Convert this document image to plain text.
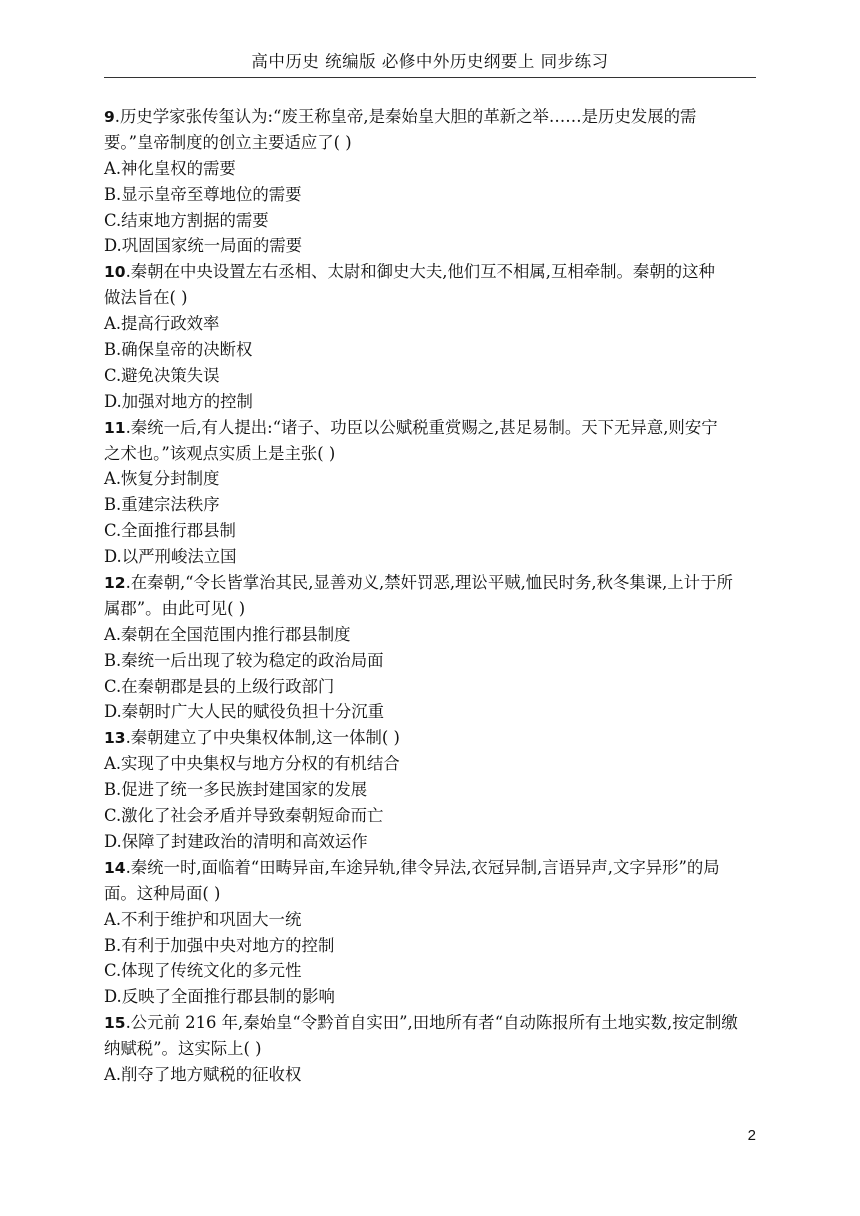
高中历史 统编版 必修中外历史纲要上 同步练习
9.历史学家张传玺认为:“废王称皇帝,是秦始皇大胆的革新之举……是历史发展的需
要。”皇帝制度的创立主要适应了( )
A.神化皇权的需要
B.显示皇帝至尊地位的需要
C.结束地方割据的需要
D.巩固国家统一局面的需要
10.秦朝在中央设置左右丞相、太尉和御史大夫,他们互不相属,互相牵制。秦朝的这种
做法旨在( )
A.提高行政效率
B.确保皇帝的决断权
C.避免决策失误
D.加强对地方的控制
11.秦统一后,有人提出:“诸子、功臣以公赋税重赏赐之,甚足易制。天下无异意,则安宁
之术也。”该观点实质上是主张( )
A.恢复分封制度
B.重建宗法秩序
C.全面推行郡县制
D.以严刑峻法立国
12.在秦朝,“令长皆掌治其民,显善劝义,禁奸罚恶,理讼平贼,恤民时务,秋冬集课,上计于所
属郡”。由此可见( )
A.秦朝在全国范围内推行郡县制度
B.秦统一后出现了较为稳定的政治局面
C.在秦朝郡是县的上级行政部门
D.秦朝时广大人民的赋役负担十分沉重
13.秦朝建立了中央集权体制,这一体制( )
A.实现了中央集权与地方分权的有机结合
B.促进了统一多民族封建国家的发展
C.激化了社会矛盾并导致秦朝短命而亡
D.保障了封建政治的清明和高效运作
14.秦统一时,面临着“田畴异亩,车途异轨,律令异法,衣冠异制,言语异声,文字异形”的局
面。这种局面( )
A.不利于维护和巩固大一统
B.有利于加强中央对地方的控制
C.体现了传统文化的多元性
D.反映了全面推行郡县制的影响
15.公元前 216 年,秦始皇“令黔首自实田”,田地所有者“自动陈报所有土地实数,按定制缴
纳赋税”。这实际上( )
A.削夺了地方赋税的征收权
2
